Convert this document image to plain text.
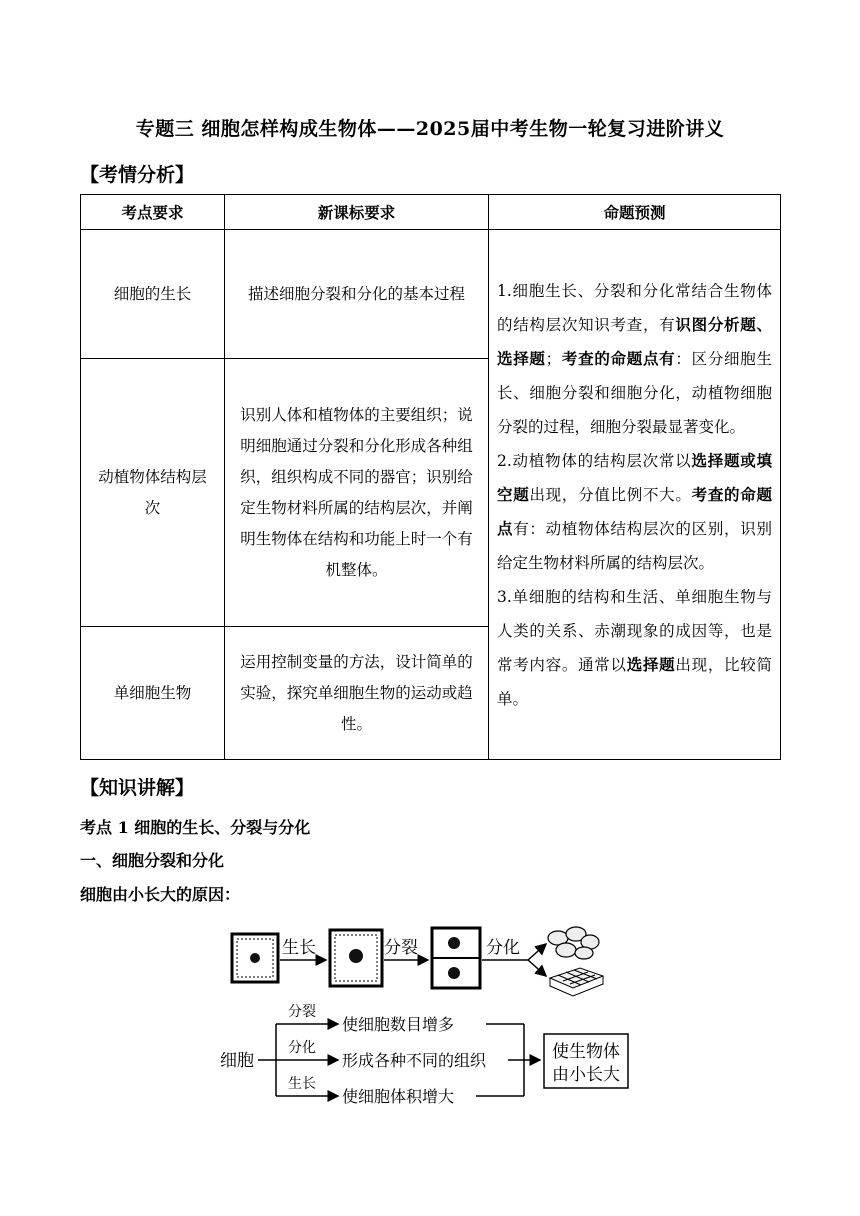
专题三 细胞怎样构成生物体——2025届中考生物一轮复习进阶讲义
【考情分析】
考点要求	新课标要求	命题预测
细胞的生长	描述细胞分裂和分化的基本过程	1.细胞生长、分裂和分化常结合生物体的结构层次知识考查，有识图分析题、选择题；考查的命题点有：区分细胞生长、细胞分裂和细胞分化，动植物细胞分裂的过程，细胞分裂最显著变化。
2.动植物体的结构层次常以选择题或填空题出现，分值比例不大。考查的命题点有：动植物体结构层次的区别，识别给定生物材料所属的结构层次。
3.单细胞的结构和生活、单细胞生物与人类的关系、赤潮现象的成因等，也是常考内容。通常以选择题出现，比较简单。
动植物体结构层次	识别人体和植物体的主要组织；说明细胞通过分裂和分化形成各种组织，组织构成不同的器官；识别给定生物材料所属的结构层次，并阐明生物体在结构和功能上时一个有机整体。	
单细胞生物	运用控制变量的方法，设计简单的实验，探究单细胞生物的运动或趋性。	
【知识讲解】
考点 1 细胞的生长、分裂与分化
一、细胞分裂和分化
细胞由小长大的原因：
生长	分裂	分化
细胞
分裂
分化
生长
使细胞数目增多
形成各种不同的组织
使细胞体积增大
使生物体
由小长大
